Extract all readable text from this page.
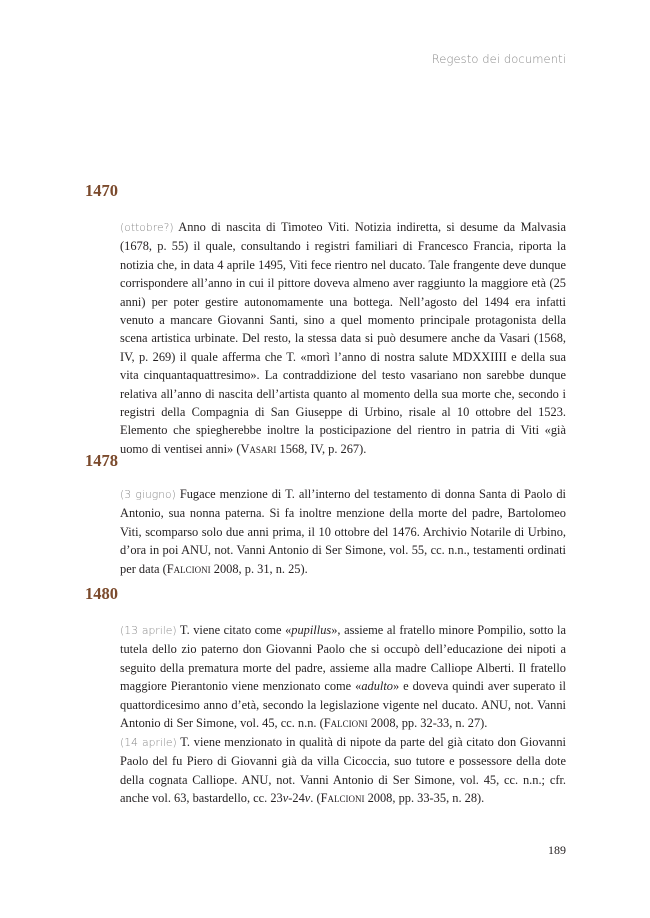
Regesto dei documenti
1470

(ottobre?) Anno di nascita di Timoteo Viti. Notizia indiretta, si desume da Malvasia (1678, p. 55) il quale, consultando i registri familiari di Francesco Francia, riporta la notizia che, in data 4 aprile 1495, Viti fece rientro nel ducato. Tale frangente deve dunque corrispondere all’anno in cui il pittore doveva almeno aver raggiunto la maggiore età (25 anni) per poter gestire autonomamente una bottega. Nell’agosto del 1494 era infatti venuto a mancare Giovanni Santi, sino a quel momento principale protagonista della scena artistica urbinate. Del resto, la stessa data si può desumere anche da Vasari (1568, IV, p. 269) il quale afferma che T. «morì l’anno di nostra salute MDXXIIII e della sua vita cinquantaquattresimo». La contraddizione del testo vasariano non sarebbe dunque relativa all’anno di nascita dell’artista quanto al momento della sua morte che, secondo i registri della Compagnia di San Giuseppe di Urbino, risale al 10 ottobre del 1523. Elemento che spiegherebbe inoltre la posticipazione del rientro in patria di Viti «già uomo di ventisei anni» (Vasari 1568, IV, p. 267).

1478

(3 giugno) Fugace menzione di T. all’interno del testamento di donna Santa di Paolo di Antonio, sua nonna paterna. Si fa inoltre menzione della morte del padre, Bartolomeo Viti, scomparso solo due anni prima, il 10 ottobre del 1476. Archivio Notarile di Urbino, d’ora in poi ANU, not. Vanni Antonio di Ser Simone, vol. 55, cc. n.n., testamenti ordinati per data (Falcioni 2008, p. 31, n. 25).

1480

(13 aprile) T. viene citato come «pupillus», assieme al fratello minore Pompilio, sotto la tutela dello zio paterno don Giovanni Paolo che si occupò dell’educazione dei nipoti a seguito della prematura morte del padre, assieme alla madre Calliope Alberti. Il fratello maggiore Pierantonio viene menzionato come «adulto» e doveva quindi aver superato il quattordicesimo anno d’età, secondo la legislazione vigente nel ducato. ANU, not. Vanni Antonio di Ser Simone, vol. 45, cc. n.n. (Falcioni 2008, pp. 32-33, n. 27).

(14 aprile) T. viene menzionato in qualità di nipote da parte del già citato don Giovanni Paolo del fu Piero di Giovanni già da villa Cicoccia, suo tutore e possessore della dote della cognata Calliope. ANU, not. Vanni Antonio di Ser Simone, vol. 45, cc. n.n.; cfr. anche vol. 63, bastardello, cc. 23v-24v. (Falcioni 2008, pp. 33-35, n. 28).

189
